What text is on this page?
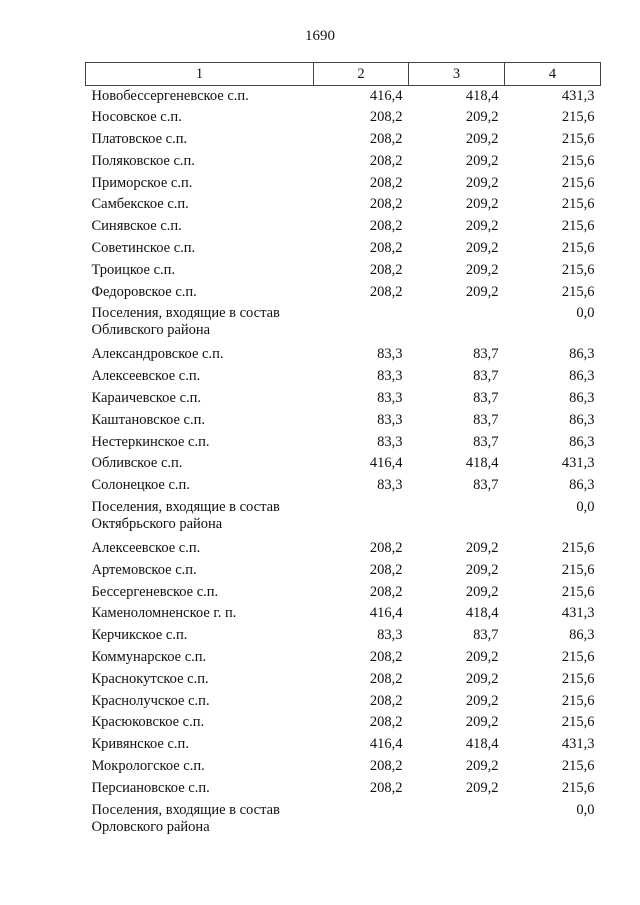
1690
1	2	3	4
Новобессергеневское с.п.	416,4	418,4	431,3
Носовское с.п.	208,2	209,2	215,6
Платовское с.п.	208,2	209,2	215,6
Поляковское с.п.	208,2	209,2	215,6
Приморское с.п.	208,2	209,2	215,6
Самбекское с.п.	208,2	209,2	215,6
Синявское с.п.	208,2	209,2	215,6
Советинское с.п.	208,2	209,2	215,6
Троицкое с.п.	208,2	209,2	215,6
Федоровское с.п.	208,2	209,2	215,6
Поселения, входящие в состав Обливского района			0,0
Александровское с.п.	83,3	83,7	86,3
Алексеевское с.п.	83,3	83,7	86,3
Караичевское с.п.	83,3	83,7	86,3
Каштановское с.п.	83,3	83,7	86,3
Нестеркинское с.п.	83,3	83,7	86,3
Обливское с.п.	416,4	418,4	431,3
Солонецкое с.п.	83,3	83,7	86,3
Поселения, входящие в состав Октябрьского района			0,0
Алексеевское с.п.	208,2	209,2	215,6
Артемовское с.п.	208,2	209,2	215,6
Бессергеневское с.п.	208,2	209,2	215,6
Каменоломненское г. п.	416,4	418,4	431,3
Керчикское с.п.	83,3	83,7	86,3
Коммунарское с.п.	208,2	209,2	215,6
Краснокутское с.п.	208,2	209,2	215,6
Краснолучское с.п.	208,2	209,2	215,6
Красюковское с.п.	208,2	209,2	215,6
Кривянское с.п.	416,4	418,4	431,3
Мокрологское с.п.	208,2	209,2	215,6
Персиановское с.п.	208,2	209,2	215,6
Поселения, входящие в состав Орловского района			0,0
